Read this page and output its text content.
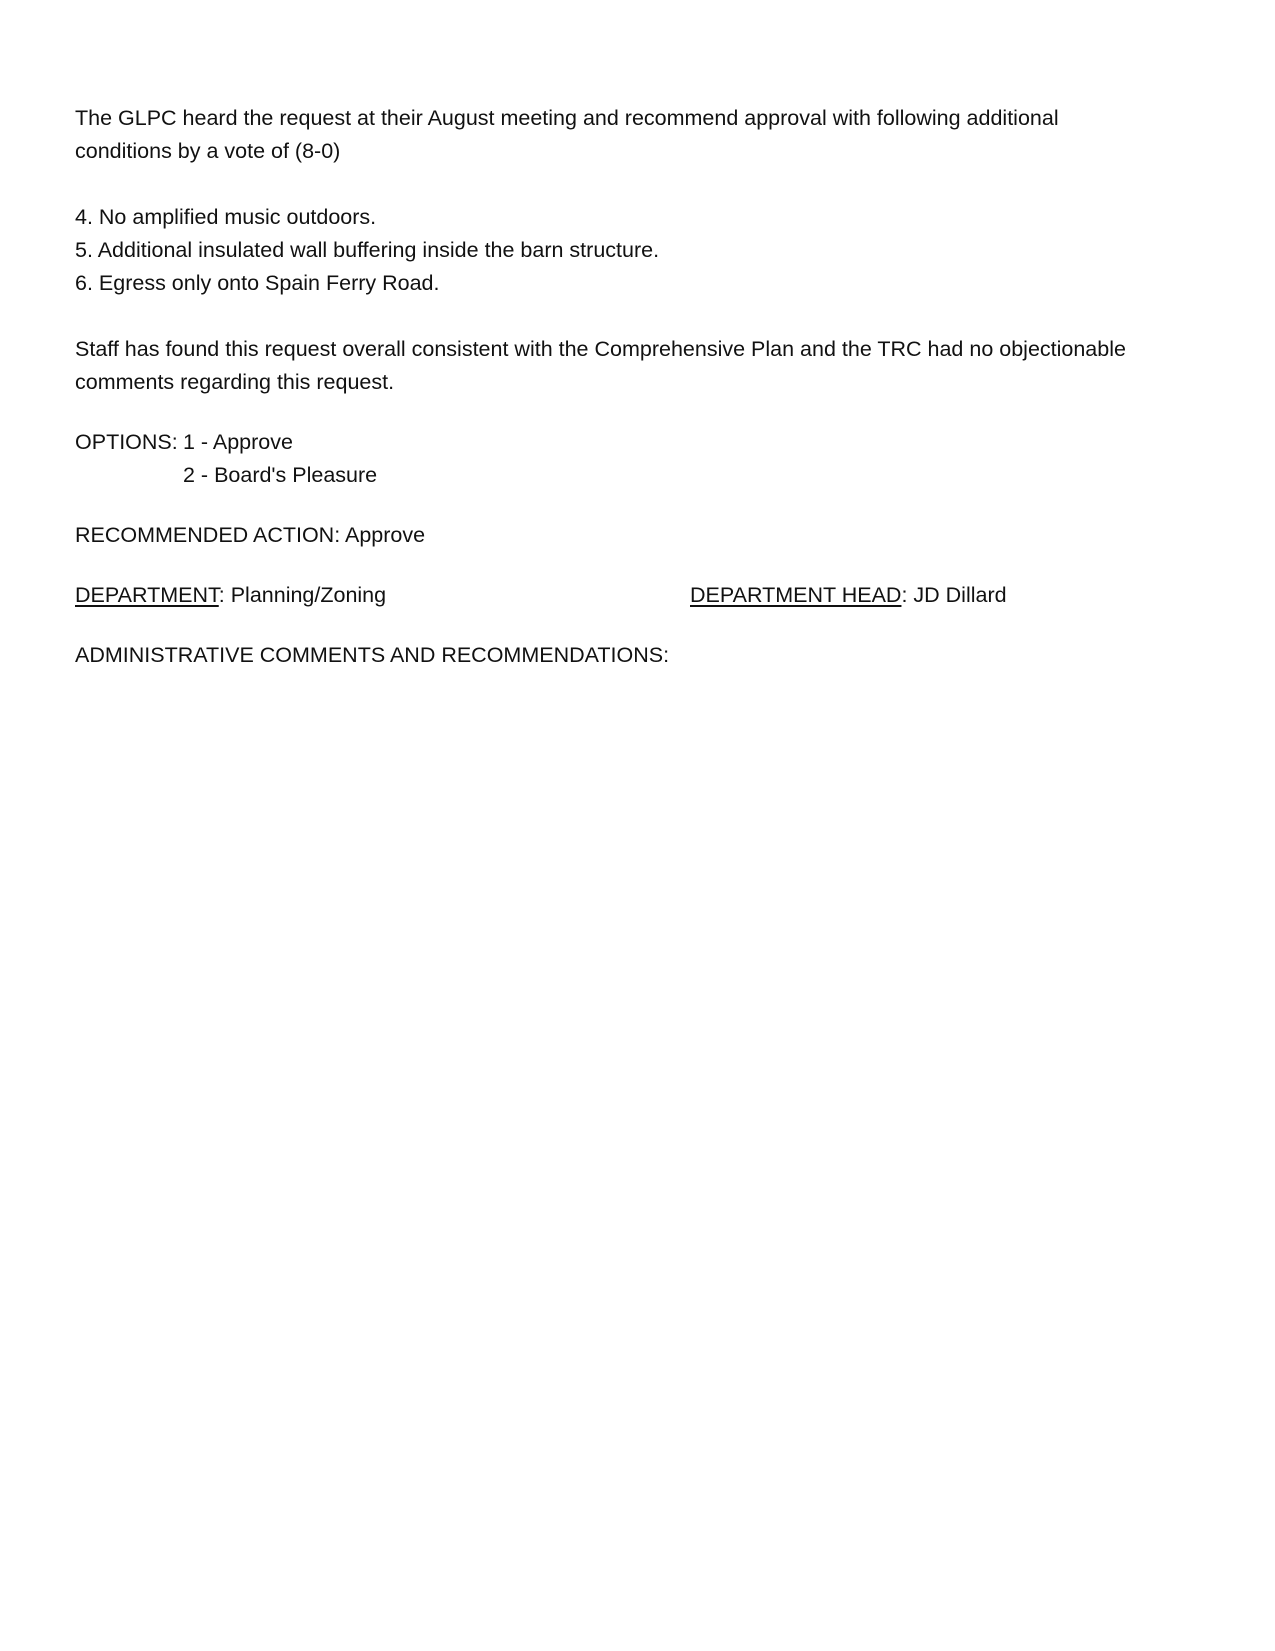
The GLPC heard the request at their August meeting and recommend approval with following additional
conditions by a vote of (8-0)
4. No amplified music outdoors.
5. Additional insulated wall buffering inside the barn structure.
6. Egress only onto Spain Ferry Road.
Staff has found this request overall consistent with the Comprehensive Plan and the TRC had no objectionable
comments regarding this request.
OPTIONS: 1 - Approve
2 - Board's Pleasure
RECOMMENDED ACTION: Approve
DEPARTMENT: Planning/Zoning	DEPARTMENT HEAD: JD Dillard
ADMINISTRATIVE COMMENTS AND RECOMMENDATIONS:
